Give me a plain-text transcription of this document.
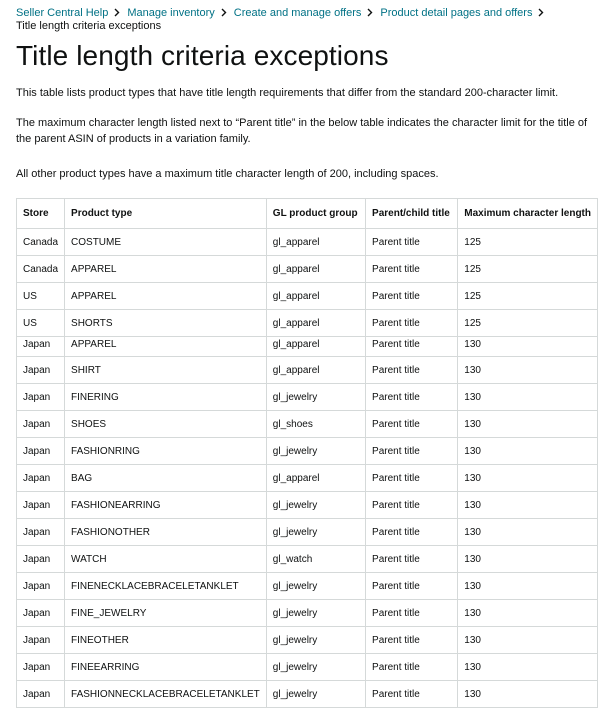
Seller Central Help Manage inventory Create and manage offers Product detail pages and offers
Title length criteria exceptions
Title length criteria exceptions

This table lists product types that have title length requirements that differ from the standard 200-character limit.

The maximum character length listed next to “Parent title” in the below table indicates the character limit for the title of the parent ASIN of products in a variation family.

All other product types have a maximum title character length of 200, including spaces.

Store	Product type	GL product group	Parent/child title	Maximum character length
Canada	COSTUME	gl_apparel	Parent title	125
Canada	APPAREL	gl_apparel	Parent title	125
US	APPAREL	gl_apparel	Parent title	125
US	SHORTS	gl_apparel	Parent title	125
Japan	APPAREL	gl_apparel	Parent title	130
Japan	SHIRT	gl_apparel	Parent title	130
Japan	FINERING	gl_jewelry	Parent title	130
Japan	SHOES	gl_shoes	Parent title	130
Japan	FASHIONRING	gl_jewelry	Parent title	130
Japan	BAG	gl_apparel	Parent title	130
Japan	FASHIONEARRING	gl_jewelry	Parent title	130
Japan	FASHIONOTHER	gl_jewelry	Parent title	130
Japan	WATCH	gl_watch	Parent title	130
Japan	FINENECKLACEBRACELETANKLET	gl_jewelry	Parent title	130
Japan	FINE_JEWELRY	gl_jewelry	Parent title	130
Japan	FINEOTHER	gl_jewelry	Parent title	130
Japan	FINEEARRING	gl_jewelry	Parent title	130
Japan	FASHIONNECKLACEBRACELETANKLET	gl_jewelry	Parent title	130
